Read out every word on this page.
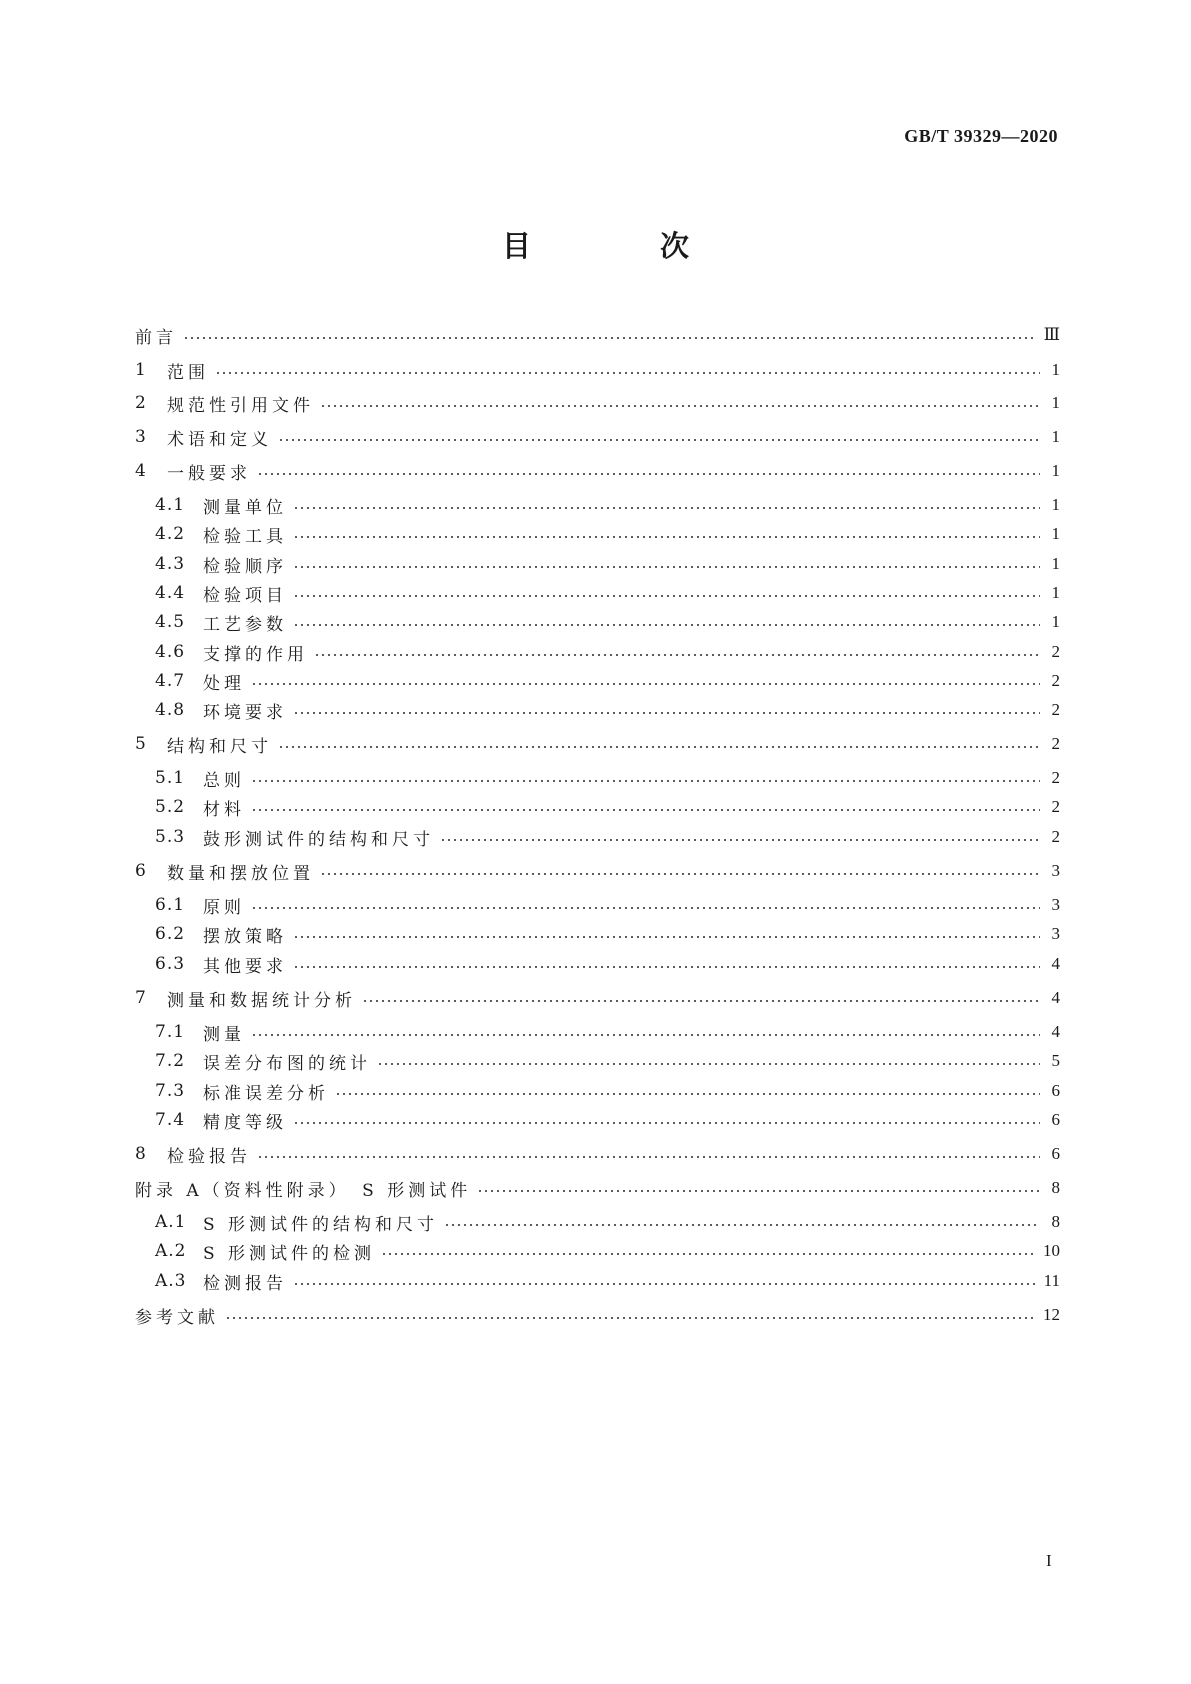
GB/T 39329—2020
目　次
前言	Ⅲ
1	范围	1
2	规范性引用文件	1
3	术语和定义	1
4	一般要求	1
4.1	测量单位	1
4.2	检验工具	1
4.3	检验顺序	1
4.4	检验项目	1
4.5	工艺参数	1
4.6	支撑的作用	2
4.7	处理	2
4.8	环境要求	2
5	结构和尺寸	2
5.1	总则	2
5.2	材料	2
5.3	鼓形测试件的结构和尺寸	2
6	数量和摆放位置	3
6.1	原则	3
6.2	摆放策略	3
6.3	其他要求	4
7	测量和数据统计分析	4
7.1	测量	4
7.2	误差分布图的统计	5
7.3	标准误差分析	6
7.4	精度等级	6
8	检验报告	6
附录 A（资料性附录）　S 形测试件	8
A.1 S 形测试件的结构和尺寸	8
A.2 S 形测试件的检测	10
A.3 检测报告	11
参考文献	12
I
